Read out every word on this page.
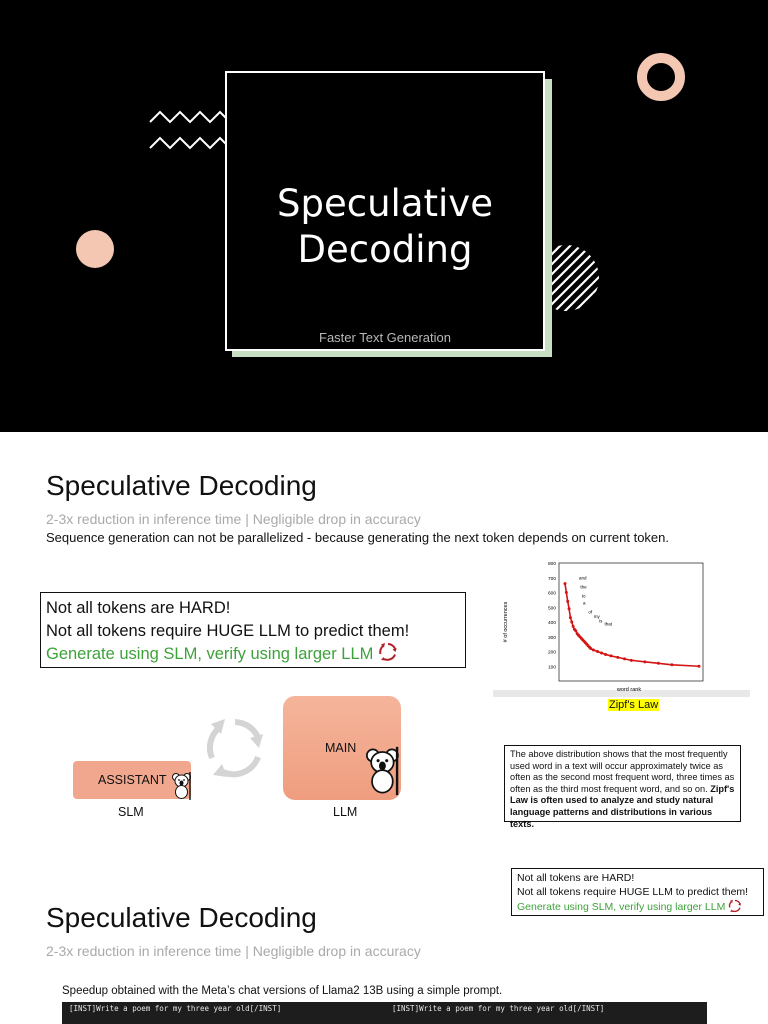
Speculative
Decoding
Faster Text Generation
Speculative Decoding
2-3x reduction in inference time | Negligible drop in accuracy
Sequence generation can not be parallelized - because generating the next token depends on current token.
Not all tokens are HARD!
Not all tokens require HUGE LLM to predict them!
Generate using SLM, verify using larger LLM
# of occurrences
word rank
800
700
600
500
400
300
200
100
and
the
to
a
of
my
is
that
Zipf's Law
The above distribution shows that the most frequently used word in a text will occur approximately twice as often as the second most frequent word, three times as often as the third most frequent word, and so on. Zipf's Law is often used to analyze and study natural language patterns and distributions in various texts.
ASSISTANT
MAIN
SLM	LLM
Not all tokens are HARD!
Not all tokens require HUGE LLM to predict them!
Generate using SLM, verify using larger LLM
Speculative Decoding
2-3x reduction in inference time | Negligible drop in accuracy
Speedup obtained with the Meta’s chat versions of Llama2 13B using a simple prompt.
[INST]Write a poem for my three year old[/INST]	[INST]Write a poem for my three year old[/INST]
